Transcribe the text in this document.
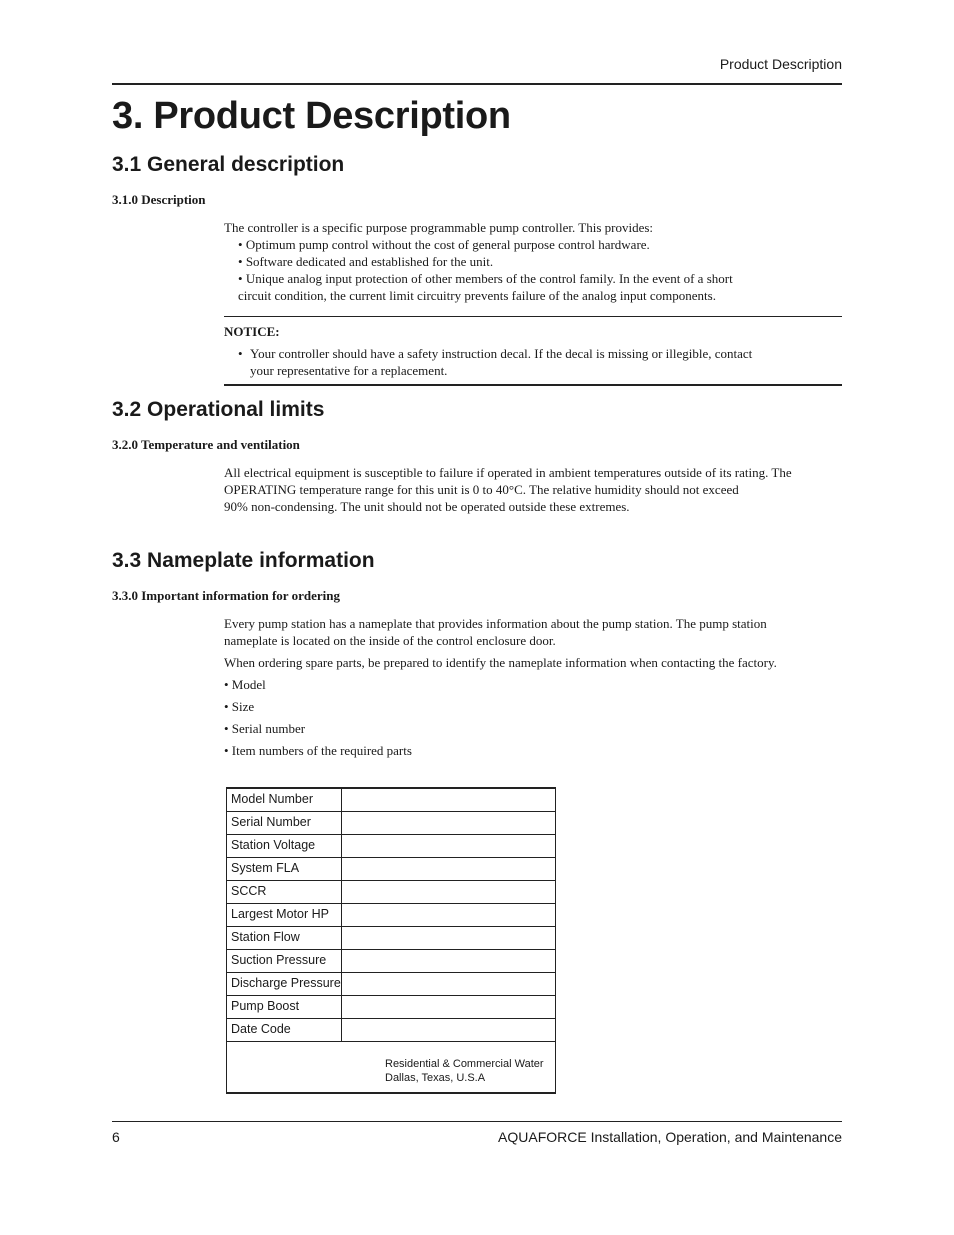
Product Description
3. Product Description
3.1 General description
3.1.0 Description

The controller is a specific purpose programmable pump controller. This provides:

• Optimum pump control without the cost of general purpose control hardware.

• Software dedicated and established for the unit.

• Unique analog input protection of other members of the control family. In the event of a short

circuit condition, the current limit circuitry prevents failure of the analog input components.

NOTICE:
• Your controller should have a safety instruction decal. If the decal is missing or illegible, contact
your representative for a replacement.
3.2 Operational limits
3.2.0 Temperature and ventilation

All electrical equipment is susceptible to failure if operated in ambient temperatures outside of its rating. The

OPERATING temperature range for this unit is 0 to 40°C. The relative humidity should not exceed

90% non-condensing. The unit should not be operated outside these extremes.

3.3 Nameplate information
3.3.0 Important information for ordering

Every pump station has a nameplate that provides information about the pump station. The pump station

nameplate is located on the inside of the control enclosure door.

When ordering spare parts, be prepared to identify the nameplate information when contacting the factory.

• Model

• Size

• Serial number

• Item numbers of the required parts

Model Number
Serial Number
Station Voltage
System FLA
SCCR
Largest Motor HP
Station Flow
Suction Pressure
Discharge Pressure
Pump Boost
Date Code
Residential & Commercial Water
Dallas, Texas, U.S.A
6	AQUAFORCE Installation, Operation, and Maintenance
